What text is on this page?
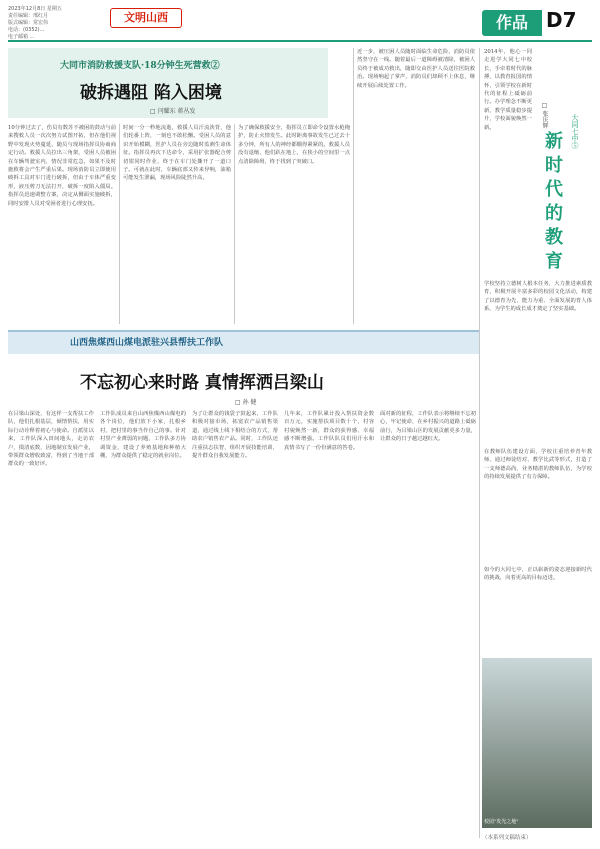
2023年12月8日 星期五
责任编辑：邢红月
版式编辑：常宏伟
电话：(0352)...
电子邮箱 ...
文明山西	作品 D7
大同市消防救援支队·18分钟生死营救②
破拆遇阻 陷入困境
□ 闫耀东 蒋丛发
10分钟过去了，伤员有数苏不被困的鼓动与前来搜救人员一次次努力试图开拓，但在他们视野中发现火势蔓延，随员与现场指挥员协商商定行动。救援人员拉出三角架，受困人员被困在车辆驾驶室内，情况非常危急，如果不及时施救将会产生严重后果。现场消防员立即使用破拆工具对车门进行破拆，但由于车体严重变形，液压剪刀无法打开，破拆一度陷入僵局。指挥员迅速调整方案，决定从侧面实施破拆，同时安排人员对受困者进行心理安抚。
时间一分一秒地流逝，救援人员汗流浃背，他们轮番上阵，一刻也不敢松懈。受困人员的意识开始模糊，医护人员在旁边随时监测生命体征。指挥员再次下达命令，采用扩张器配合剪切钳同时作业，终于在车门处撕开了一道口子。可就在此时，车辆底部又传来异响，油箱可能发生泄漏，现场风险陡然升高。
为了确保救援安全，指挥员立即命令设置水枪掩护，防止火情发生。此时距离事故发生已过去十多分钟，所有人的神经都绷得紧紧的。救援人员没有退缩，他们趴在地上，在狭小的空间里一点点清除障碍，终于找到了突破口。
近一步，被压困人员随时面临生命危险，消防员依然坚守在一线。随着最后一道障碍被清除，被困人员终于被成功救出，随即交由医护人员送往医院救治。现场响起了掌声，消防员们却顾不上休息，继续开展后续处置工作。
山西焦煤西山煤电派驻兴县帮扶工作队
不忘初心来时路 真情挥洒吕梁山
□ 孙 健
在吕梁山深处，有这样一支帮扶工作队，他们扎根基层，倾情帮扶，用实际行动诠释着初心与使命。自派驻以来，工作队深入田间地头，走访农户，摸清底数，因地制宜发展产业，带领群众增收致富，得到了当地干部群众的一致好评。
工作队成员来自山西焦煤西山煤电的各个岗位，他们放下小家，扎根乡村，把村里的事当作自己的事。针对村里产业薄弱的问题，工作队多方协调资金，建设了养殖基地和种植大棚，为群众提供了稳定的就业岗位。
为了让群众的钱袋子鼓起来，工作队积极对接市场，拓宽农产品销售渠道，通过线上线下相结合的方式，帮助农户销售农产品。同时，工作队还注重扶志扶智，组织开展技能培训，提升群众自我发展能力。
几年来，工作队累计投入帮扶资金数百万元，实施帮扶项目数十个，村容村貌焕然一新，群众的获得感、幸福感不断增强。工作队队员们用汗水和真情书写了一份份满意的答卷。
面对新的征程，工作队表示将继续不忘初心，牢记使命，在乡村振兴的道路上砥砺前行，为吕梁山区的发展贡献更多力量，让群众的日子越过越红火。
2014年，他心一同走进学大同七中校长，手牵着时代的脉搏，以教育报国的情怀，引领学校在新时代的征程上砥砺前行。办学理念不断更新，教学质量稳步提升，学校面貌焕然一新。	□ 张庆辉	大同七中⑤
新
时
代
的
教
育
学校坚持立德树人根本任务，大力推进素质教育，积极开展丰富多彩的校园文化活动，构建了以德育为先、能力为重、全面发展的育人体系，为学生的成长成才奠定了坚实基础。
在教师队伍建设方面，学校注重培养青年教师，通过师徒结对、教学比武等形式，打造了一支师德高尚、业务精湛的教师队伍，为学校的持续发展提供了有力保障。
如今的大同七中，正以崭新的姿态迎接新时代的挑战，向着更高的目标迈进。
校园"发光之地"
（本系列文稿结束）
